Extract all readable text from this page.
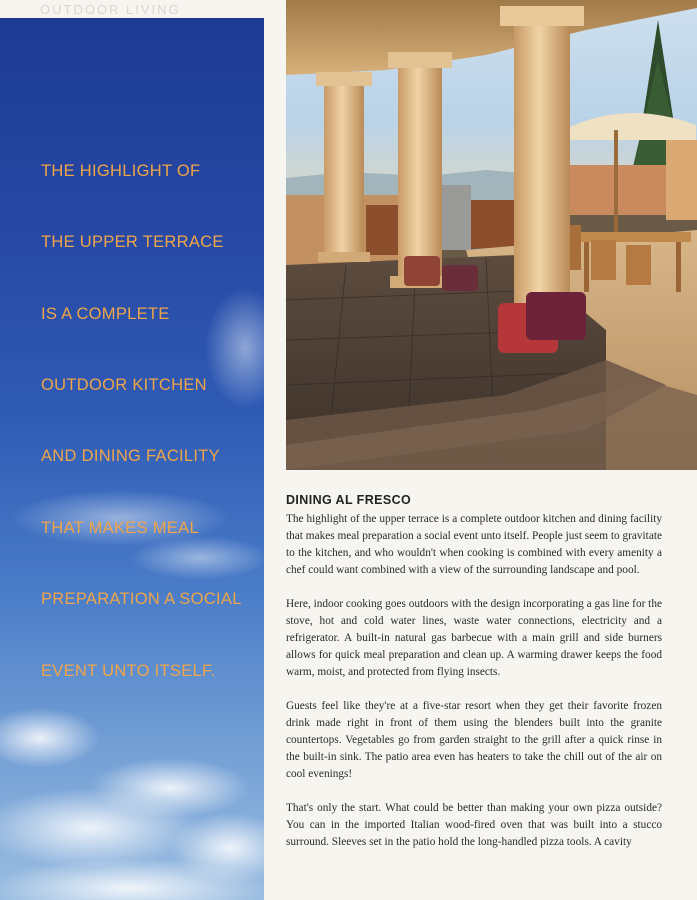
OUTDOOR LIVING

THE HIGHLIGHT OF

THE UPPER TERRACE

IS A COMPLETE

OUTDOOR KITCHEN

AND DINING FACILITY

THAT MAKES MEAL

PREPARATION A SOCIAL

EVENT UNTO ITSELF.

DINING AL FRESCO

The highlight of the upper terrace is a complete outdoor kitchen and dining facility that makes meal preparation a social event unto itself. People just seem to gravitate to the kitchen, and who wouldn't when cooking is combined with every amenity a chef could want combined with a view of the surrounding landscape and pool.

Here, indoor cooking goes outdoors with the design incorporating a gas line for the stove, hot and cold water lines, waste water connections, electricity and a refrigerator. A built-in natural gas barbecue with a main grill and side burners allows for quick meal preparation and clean up. A warming drawer keeps the food warm, moist, and protected from flying insects.

Guests feel like they're at a five-star resort when they get their favorite frozen drink made right in front of them using the blenders built into the granite countertops. Vegetables go from garden straight to the grill after a quick rinse in the built-in sink. The patio area even has heaters to take the chill out of the air on cool evenings!

That's only the start. What could be better than making your own pizza outside? You can in the imported Italian wood-fired oven that was built into a stucco surround. Sleeves set in the patio hold the long-handled pizza tools. A cavity
